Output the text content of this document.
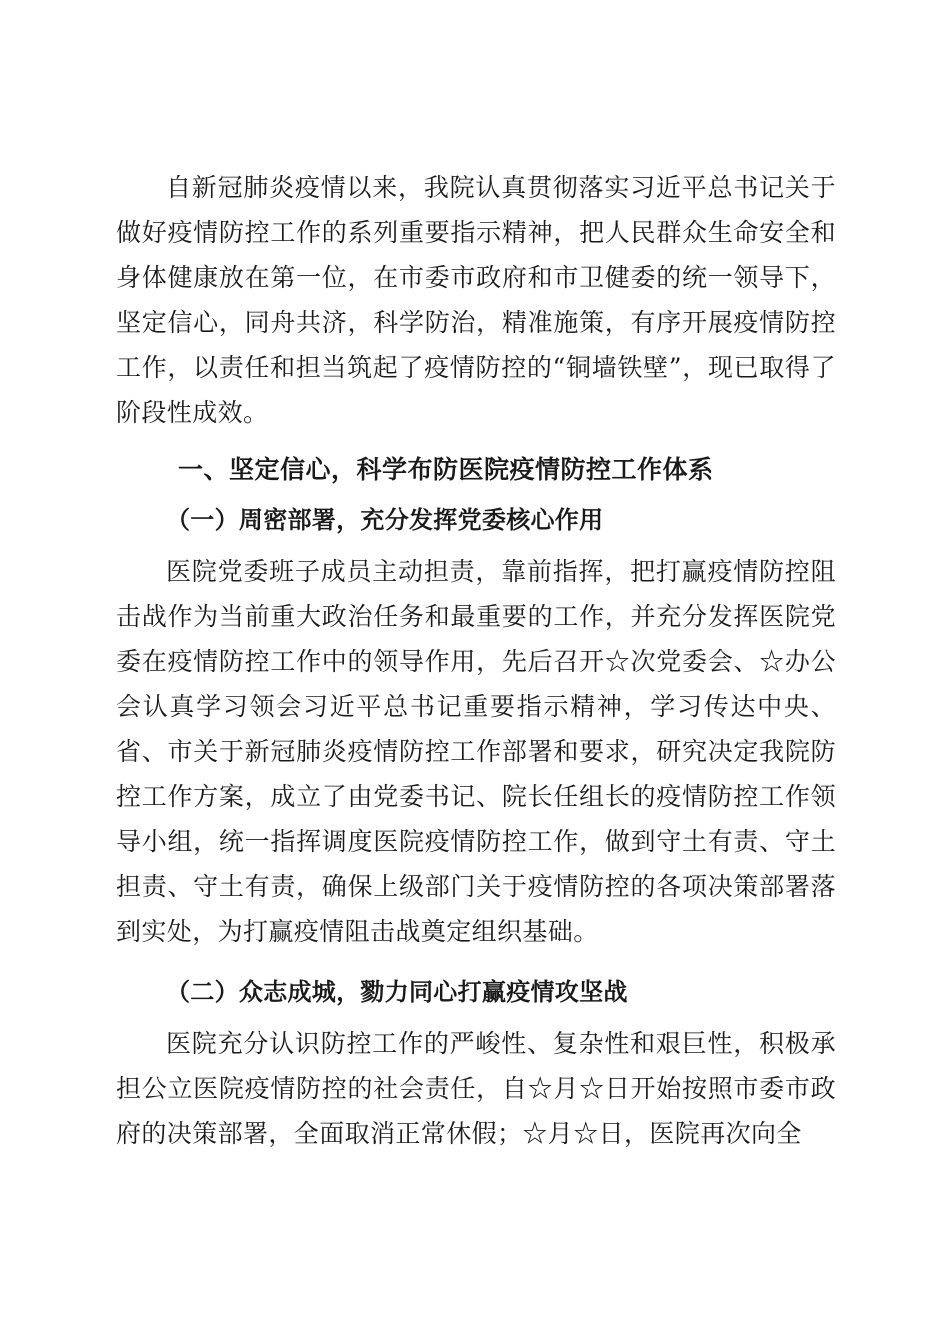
自新冠肺炎疫情以来，我院认真贯彻落实习近平总书记关于做好疫情防控工作的系列重要指示精神，把人民群众生命安全和身体健康放在第一位，在市委市政府和市卫健委的统一领导下，坚定信心，同舟共济，科学防治，精准施策，有序开展疫情防控工作，以责任和担当筑起了疫情防控的“铜墙铁壁”，现已取得了阶段性成效。

一、坚定信心，科学布防医院疫情防控工作体系
（一）周密部署，充分发挥党委核心作用

医院党委班子成员主动担责，靠前指挥，把打赢疫情防控阻击战作为当前重大政治任务和最重要的工作，并充分发挥医院党委在疫情防控工作中的领导作用，先后召开☆次党委会、☆办公会认真学习领会习近平总书记重要指示精神，学习传达中央、省、市关于新冠肺炎疫情防控工作部署和要求，研究决定我院防控工作方案，成立了由党委书记、院长任组长的疫情防控工作领导小组，统一指挥调度医院疫情防控工作，做到守土有责、守土担责、守土有责，确保上级部门关于疫情防控的各项决策部署落到实处，为打赢疫情阻击战奠定组织基础。

（二）众志成城，勠力同心打赢疫情攻坚战

医院充分认识防控工作的严峻性、复杂性和艰巨性，积极承担公立医院疫情防控的社会责任，自☆月☆日开始按照市委市政府的决策部署，全面取消正常休假；☆月☆日，医院再次向全
